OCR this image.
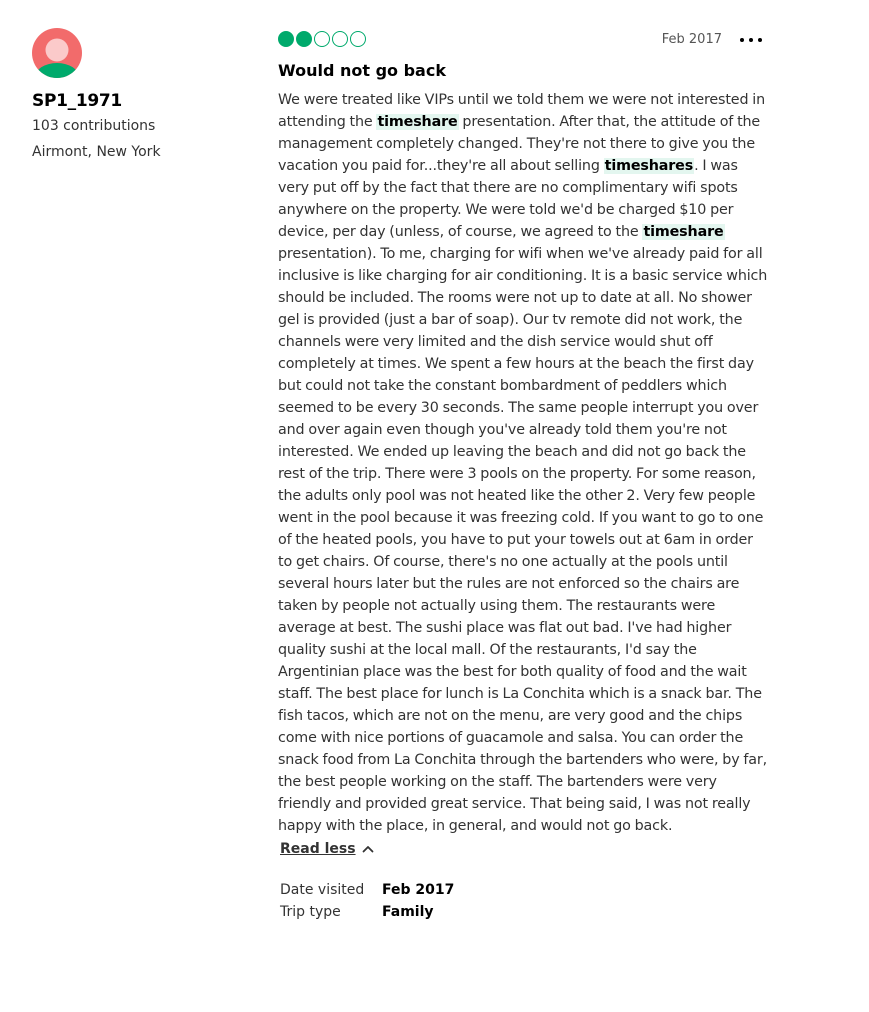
SP1_1971
103 contributions
Airmont, New York
Feb 2017
Would not go back

We were treated like VIPs until we told them we were not interested in attending the timeshare presentation. After that, the attitude of the management completely changed. They're not there to give you the vacation you paid for...they're all about selling timeshares. I was very put off by the fact that there are no complimentary wifi spots anywhere on the property. We were told we'd be charged $10 per device, per day (unless, of course, we agreed to the timeshare presentation). To me, charging for wifi when we've already paid for all inclusive is like charging for air conditioning. It is a basic service which should be included. The rooms were not up to date at all. No shower gel is provided (just a bar of soap). Our tv remote did not work, the channels were very limited and the dish service would shut off completely at times. We spent a few hours at the beach the first day but could not take the constant bombardment of peddlers which seemed to be every 30 seconds. The same people interrupt you over and over again even though you've already told them you're not interested. We ended up leaving the beach and did not go back the rest of the trip. There were 3 pools on the property. For some reason, the adults only pool was not heated like the other 2. Very few people went in the pool because it was freezing cold. If you want to go to one of the heated pools, you have to put your towels out at 6am in order to get chairs. Of course, there's no one actually at the pools until several hours later but the rules are not enforced so the chairs are taken by people not actually using them. The restaurants were average at best. The sushi place was flat out bad. I've had higher quality sushi at the local mall. Of the restaurants, I'd say the Argentinian place was the best for both quality of food and the wait staff. The best place for lunch is La Conchita which is a snack bar. The fish tacos, which are not on the menu, are very good and the chips come with nice portions of guacamole and salsa. You can order the snack food from La Conchita through the bartenders who were, by far, the best people working on the staff. The bartenders were very friendly and provided great service. That being said, I was not really happy with the place, in general, and would not go back.

Read less
Date visited	Feb 2017
Trip type	Family
